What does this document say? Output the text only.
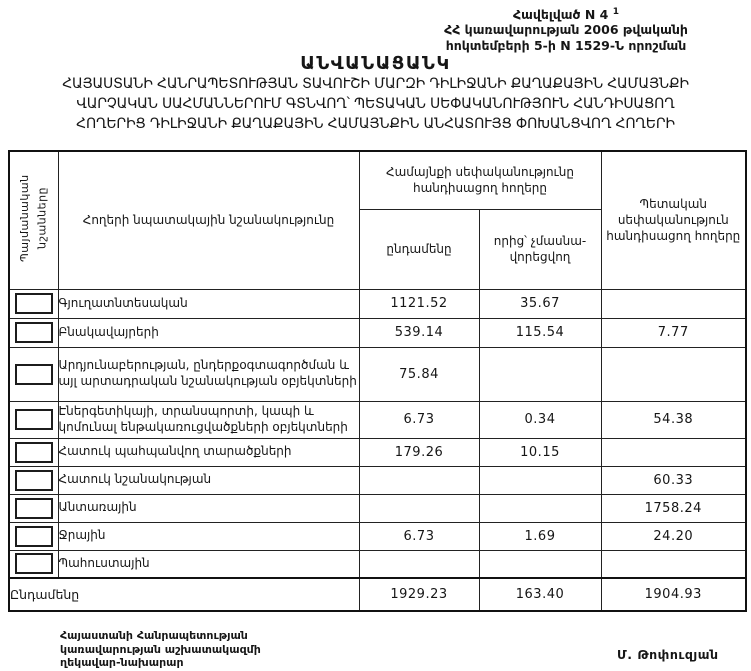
Հավելված N 4 $^1$
ՀՀ կառավարության 2006 թվականի
հոկտեմբերի 5-ի N 1529-Ն որոշման
ԱՆՎԱՆԱՑԱՆԿ
ՀԱՅԱՍՏԱՆԻ ՀԱՆՐԱՊԵՏՈՒԹՅԱՆ ՏԱՎՈՒՇԻ ՄԱՐԶԻ ԴԻԼԻՋԱՆԻ ՔԱՂԱՔԱՅԻՆ ՀԱՄԱՅՆՔԻ
ՎԱՐՉԱԿԱՆ ՍԱՀՄԱՆՆԵՐՈՒՄ ԳՏՆՎՈՂ՝ ՊԵՏԱԿԱՆ ՍԵՓԱԿԱՆՈՒԹՅՈՒՆ ՀԱՆԴԻՍԱՑՈՂ
ՀՈՂԵՐԻՑ ԴԻԼԻՋԱՆԻ ՔԱՂԱՔԱՅԻՆ ՀԱՄԱՅՆՔԻՆ ԱՆՀԱՏՈՒՅՑ ՓՈԽԱՆՑՎՈՂ ՀՈՂԵՐԻ
Պայմանական նշանները	Հողերի նպատակային նշանակությունը	Համայնքի սեփականությունը հանդիսացող հողերը		Պետական սեփականություն հանդիսացող հողերը
		ընդամենը	որից՝ չմասնավորեցվող	
	Գյուղատնտեսական	1121.52	35.67	
	Բնակավայրերի	539.14	115.54	7.77
	Արդյունաբերության, ընդերքօգտագործման և այլ արտադրական նշանակության օբյեկտների	75.84		
	Էներգետիկայի, տրանսպորտի, կապի և կոմունալ ենթակառուցվածքների օբյեկտների	6.73	0.34	54.38
	Հատուկ պահպանվող տարածքների	179.26	10.15	
	Հատուկ նշանակության			60.33
	Անտառային			1758.24
	Ջրային	6.73	1.69	24.20
	Պահուստային			
Ընդամենը		1929.23	163.40	1904.93
Հայաստանի Հանրապետության
կառավարության աշխատակազմի
ղեկավար-նախարար
Մ. Թոփուզյան
